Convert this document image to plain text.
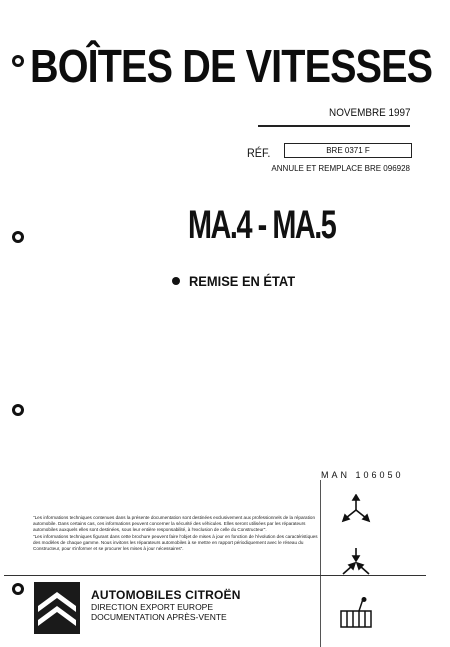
BOÎTES DE VITESSES
NOVEMBRE 1997
RÉF.	BRE 0371 F
ANNULE ET REMPLACE BRE 096928
MA.4 - MA.5
REMISE EN ÉTAT
MAN 106050

"Les informations techniques contenues dans la présente documentation sont destinées exclusivement aux professionnels de la réparation automobile. Dans certains cas, ces informations peuvent concerner la sécurité des véhicules. Elles seront utilisées par les réparateurs automobiles auxquels elles sont destinées, sous leur entière responsabilité, à l'exclusion de celle du Constructeur".

"Les informations techniques figurant dans cette brochure peuvent faire l'objet de mises à jour en fonction de l'évolution des caractéristiques des modèles de chaque gamme. Nous invitons les réparateurs automobiles à se mettre en rapport périodiquement avec le réseau du Constructeur, pour s'informer et se procurer les mises à jour nécessaires".

AUTOMOBILES CITROËN
DIRECTION EXPORT EUROPE
DOCUMENTATION APRÈS-VENTE
